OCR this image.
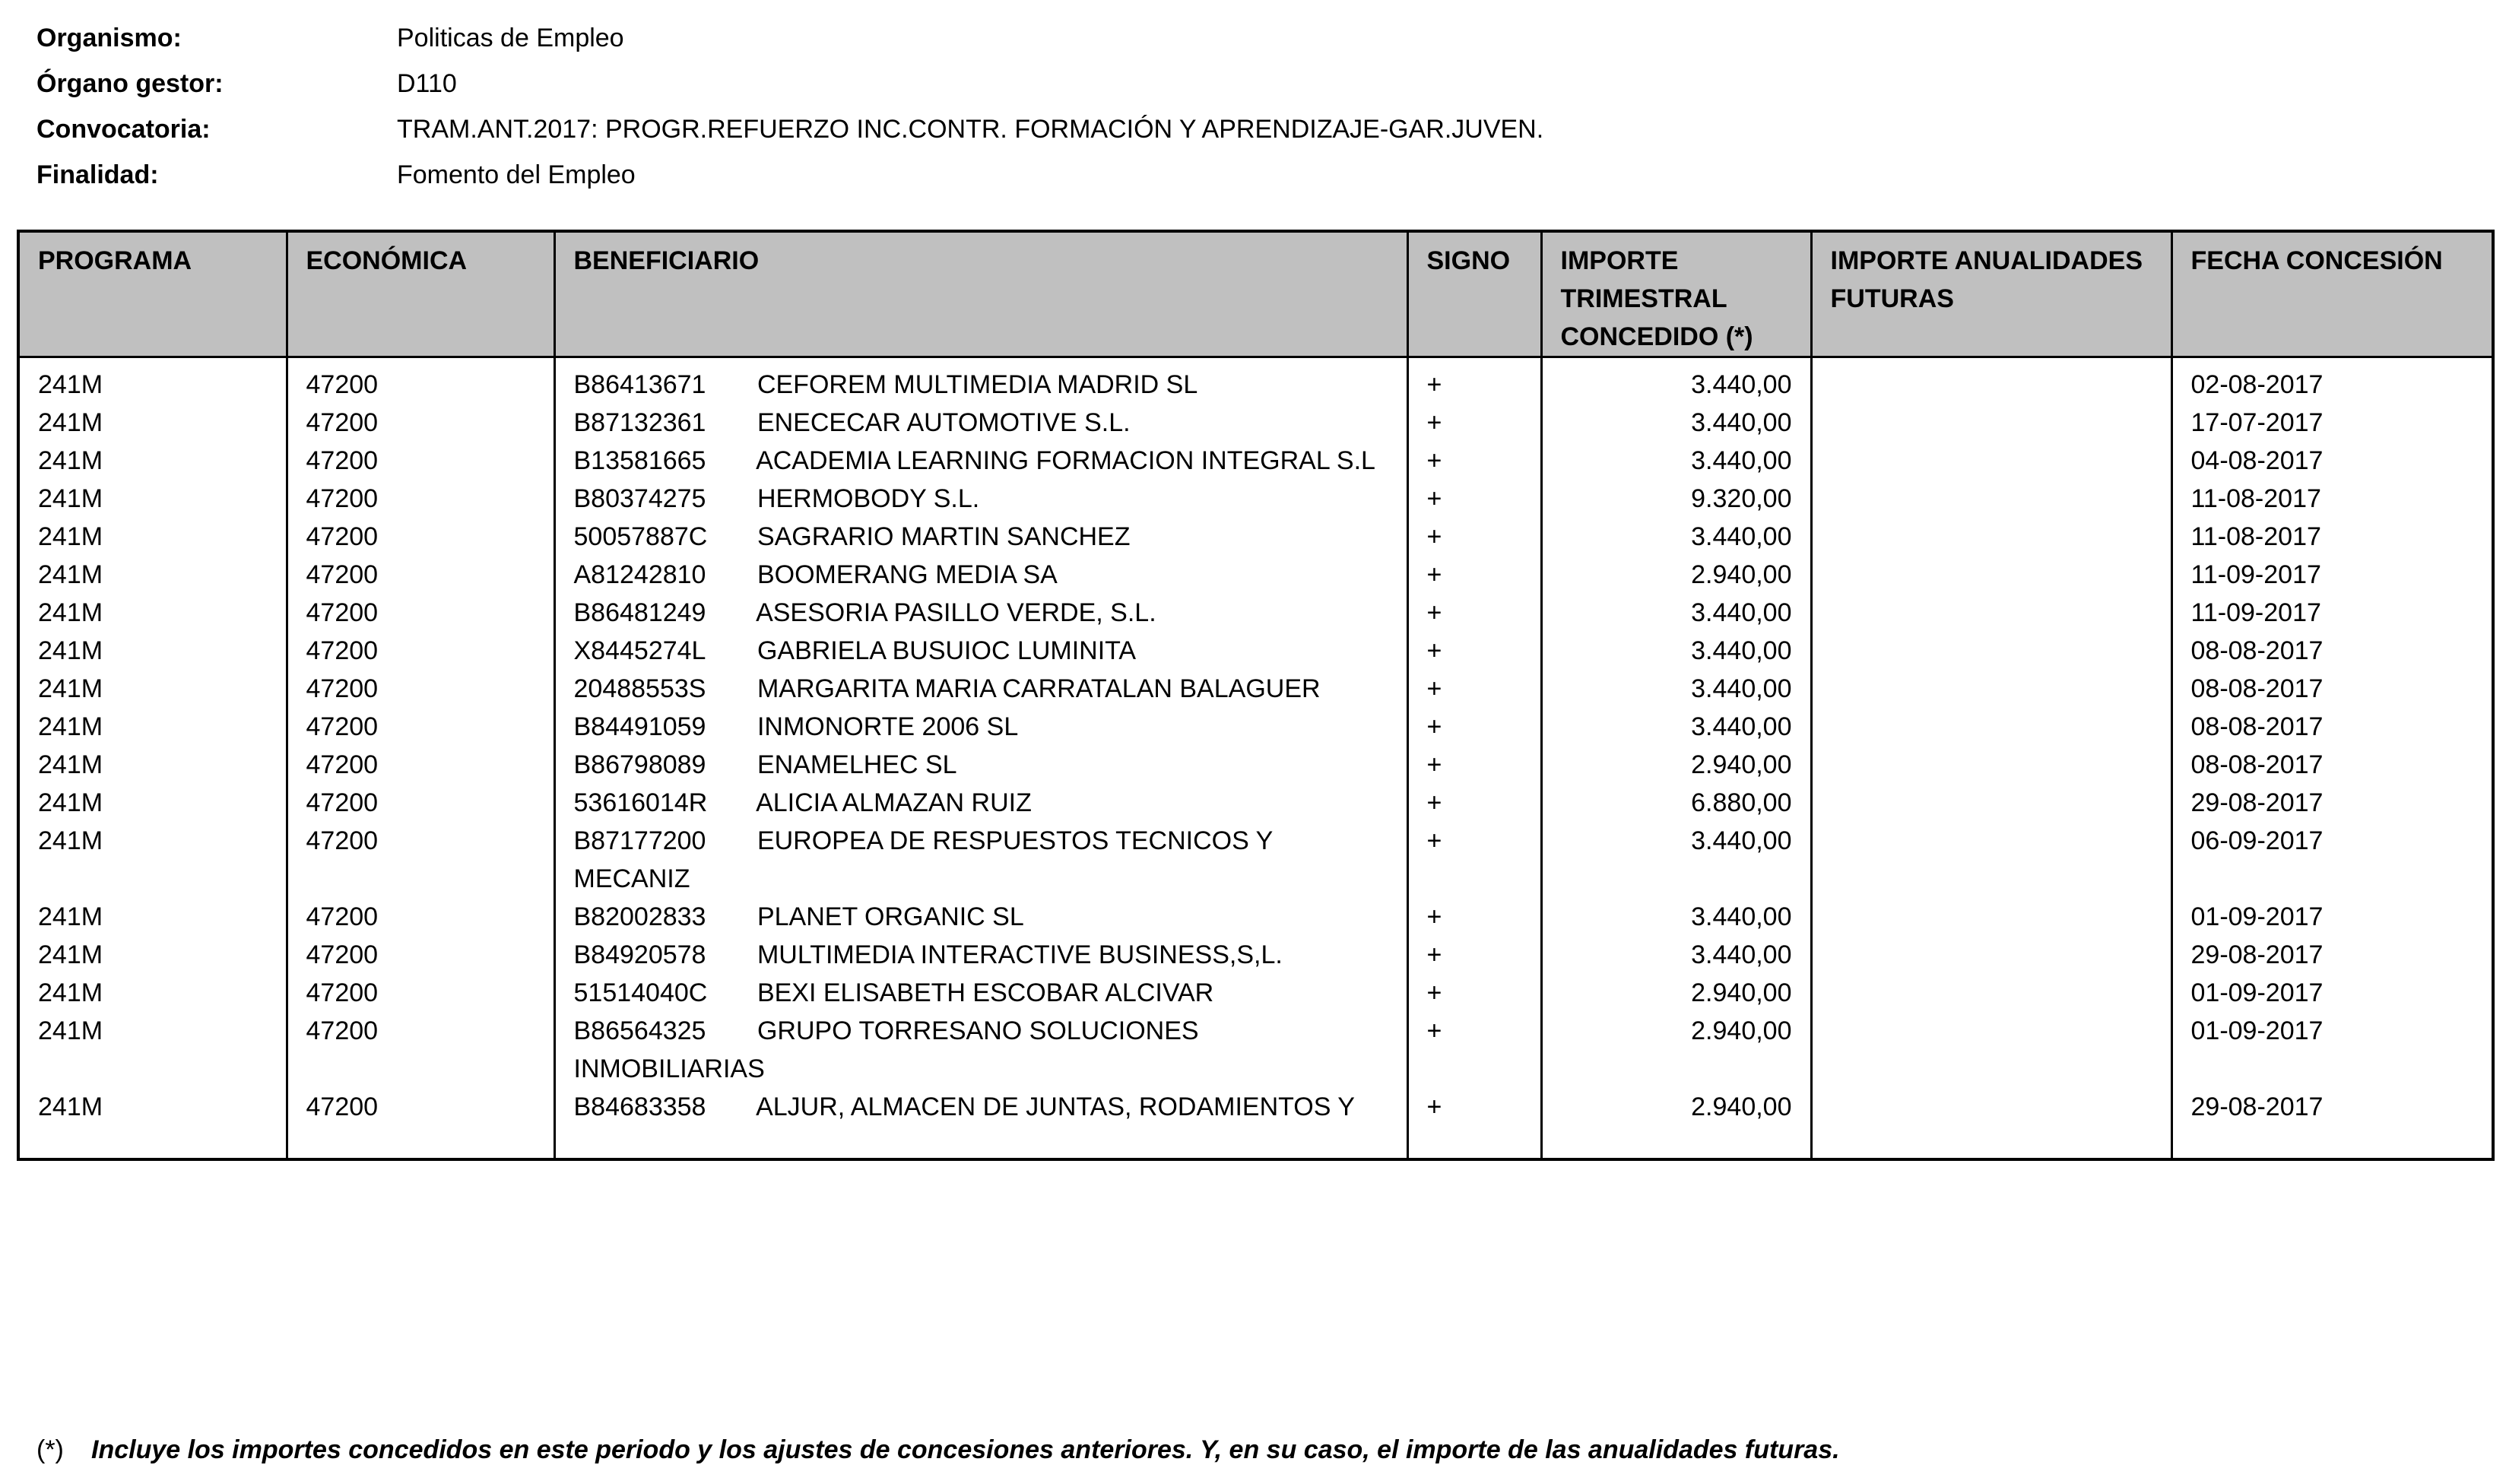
Organismo:	Politicas de Empleo
Órgano gestor:	D110
Convocatoria:	TRAM.ANT.2017: PROGR.REFUERZO INC.CONTR. FORMACIÓN Y APRENDIZAJE-GAR.JUVEN.
Finalidad:	Fomento del Empleo
PROGRAMA	ECONÓMICA	BENEFICIARIO	SIGNO	IMPORTE TRIMESTRAL CONCEDIDO (*)	IMPORTE ANUALIDADES FUTURAS	FECHA CONCESIÓN
241M	47200	B86413671 CEFOREM MULTIMEDIA MADRID SL	+	3.440,00		02-08-2017
241M	47200	B87132361 ENECECAR AUTOMOTIVE S.L.	+	3.440,00		17-07-2017
241M	47200	B13581665 ACADEMIA LEARNING FORMACION INTEGRAL S.L	+	3.440,00		04-08-2017
241M	47200	B80374275 HERMOBODY S.L.	+	9.320,00		11-08-2017
241M	47200	50057887C SAGRARIO MARTIN SANCHEZ	+	3.440,00		11-08-2017
241M	47200	A81242810 BOOMERANG MEDIA SA	+	2.940,00		11-09-2017
241M	47200	B86481249 ASESORIA PASILLO VERDE, S.L.	+	3.440,00		11-09-2017
241M	47200	X8445274L GABRIELA BUSUIOC LUMINITA	+	3.440,00		08-08-2017
241M	47200	20488553S MARGARITA MARIA CARRATALAN BALAGUER	+	3.440,00		08-08-2017
241M	47200	B84491059 INMONORTE 2006 SL	+	3.440,00		08-08-2017
241M	47200	B86798089 ENAMELHEC SL	+	2.940,00		08-08-2017
241M	47200	53616014R ALICIA ALMAZAN RUIZ	+	6.880,00		29-08-2017
241M	47200	B87177200 EUROPEA DE RESPUESTOS TECNICOS Y MECANIZ	+	3.440,00		06-09-2017
241M	47200	B82002833 PLANET ORGANIC SL	+	3.440,00		01-09-2017
241M	47200	B84920578 MULTIMEDIA INTERACTIVE BUSINESS,S,L.	+	3.440,00		29-08-2017
241M	47200	51514040C BEXI ELISABETH ESCOBAR ALCIVAR	+	2.940,00		01-09-2017
241M	47200	B86564325 GRUPO TORRESANO SOLUCIONES INMOBILIARIAS	+	2.940,00		01-09-2017
241M	47200	B84683358 ALJUR, ALMACEN DE JUNTAS, RODAMIENTOS Y	+	2.940,00		29-08-2017

(*)	Incluye los importes concedidos en este periodo y los ajustes de concesiones anteriores. Y, en su caso, el importe de las anualidades futuras.
